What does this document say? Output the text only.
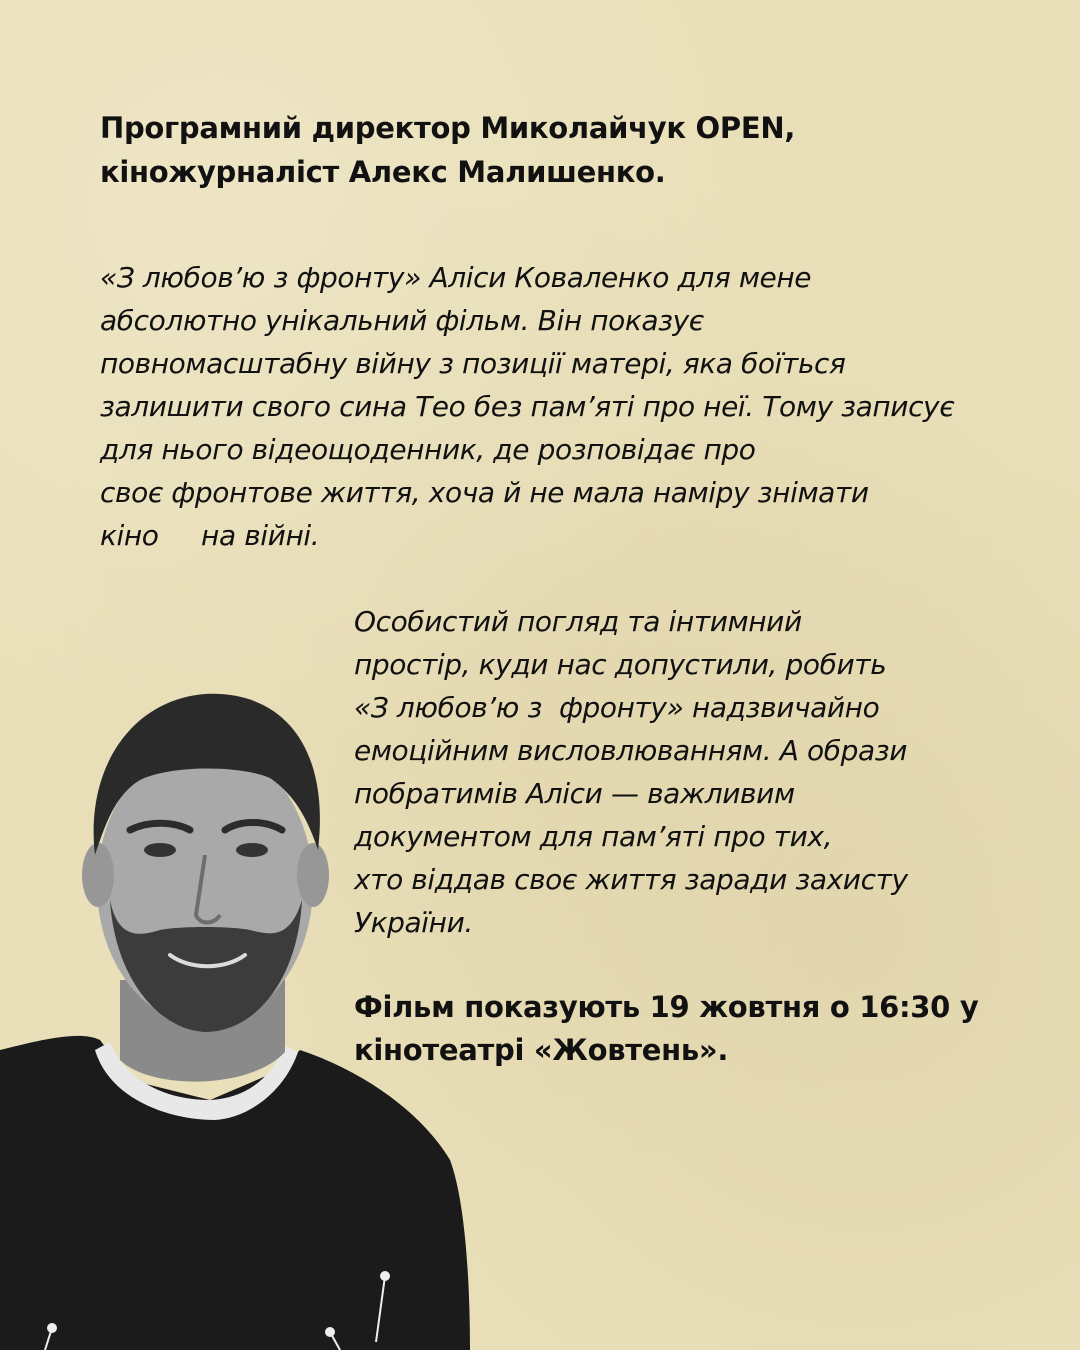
Програмний директор Миколайчук OPEN,
кіножурналіст Алекс Малишенко.
«З любов’ю з фронту» Аліси Коваленко для мене
абсолютно унікальний фільм. Він показує
повномасштабну війну з позиції матері, яка боїться
залишити свого сина Тео без пам’яті про неї. Тому записує
для нього відеощоденник, де розповідає про
своє фронтове життя, хоча й не мала наміру знімати
кіно     на війні.
Особистий погляд та інтимний
простір, куди нас допустили, робить
«З любов’ю з  фронту» надзвичайно
емоційним висловлюванням. А образи
побратимів Аліси — важливим
документом для пам’яті про тих,
хто віддав своє життя заради захисту
України.
Фільм показують 19 жовтня о 16:30 у
кінотеатрі «Жовтень».
